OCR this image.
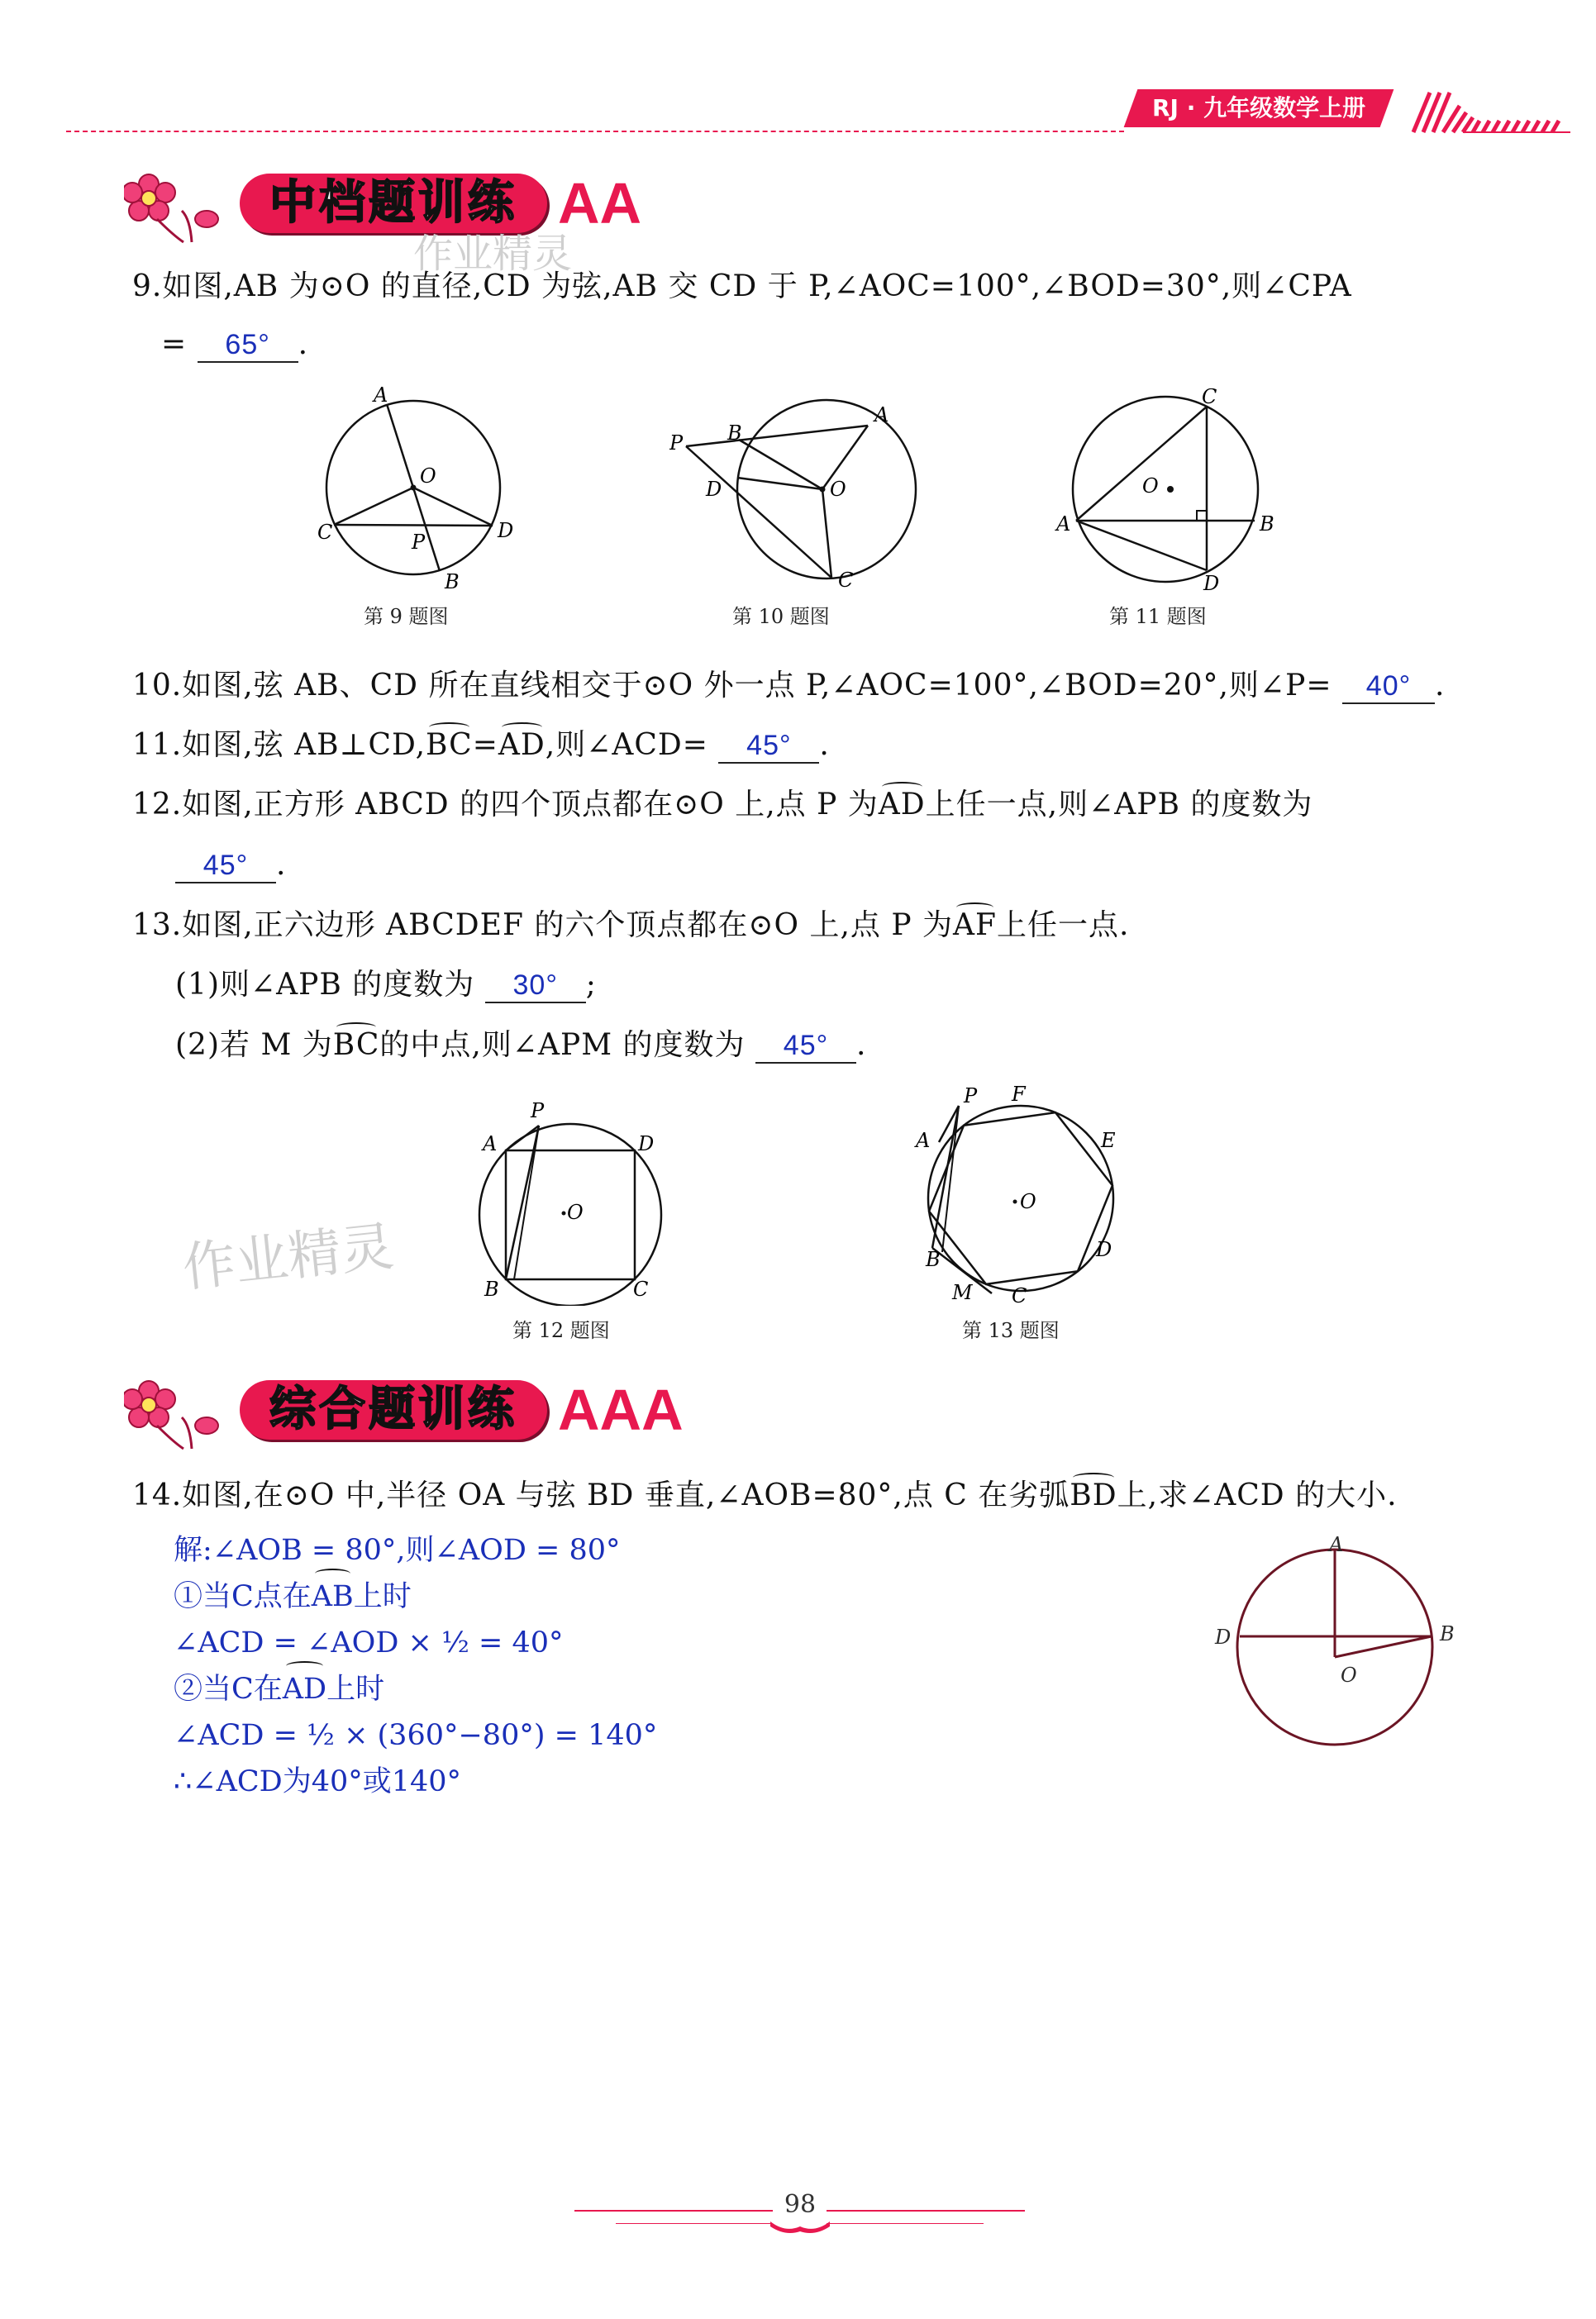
RJ · 九年级数学上册
中档题训练 AA
作业精灵
9.如图,AB 为⊙O 的直径,CD 为弦,AB 交 CD 于 P,∠AOC=100°,∠BOD=30°,则∠CPA
= 65° .
A
O
C	P	D
B
第 9 题图
P B
A
D	O
C
第 10 题图
C
O
A	B
D
第 11 题图
10.如图,弦 AB、CD 所在直线相交于⊙O 外一点 P,∠AOC=100°,∠BOD=20°,则∠P= 40° .
11.如图,弦 AB⊥CD,BC=AD,则∠ACD= 45° .
12.如图,正方形 ABCD 的四个顶点都在⊙O 上,点 P 为AD上任一点,则∠APB 的度数为
45° .
13.如图,正六边形 ABCDEF 的六个顶点都在⊙O 上,点 P 为AF上任一点.
(1)则∠APB 的度数为 30° ;
(2)若 M 为BC的中点,则∠APM 的度数为 45° .
P
A	D
O
B	C
第 12 题图
作业精灵
P F
A	E
O
B	D
M C
第 13 题图
综合题训练 AAA
14.如图,在⊙O 中,半径 OA 与弦 BD 垂直,∠AOB=80°,点 C 在劣弧BD上,求∠ACD 的大小.
解:∠AOB = 80°,则∠AOD = 80°
①当C点在AB上时
∠ACD = ∠AOD × ½ = 40°
②当C在AD上时
∠ACD = ½ × (360°−80°) = 140°
∴∠ACD为40°或140°
A
D	B
O
98
